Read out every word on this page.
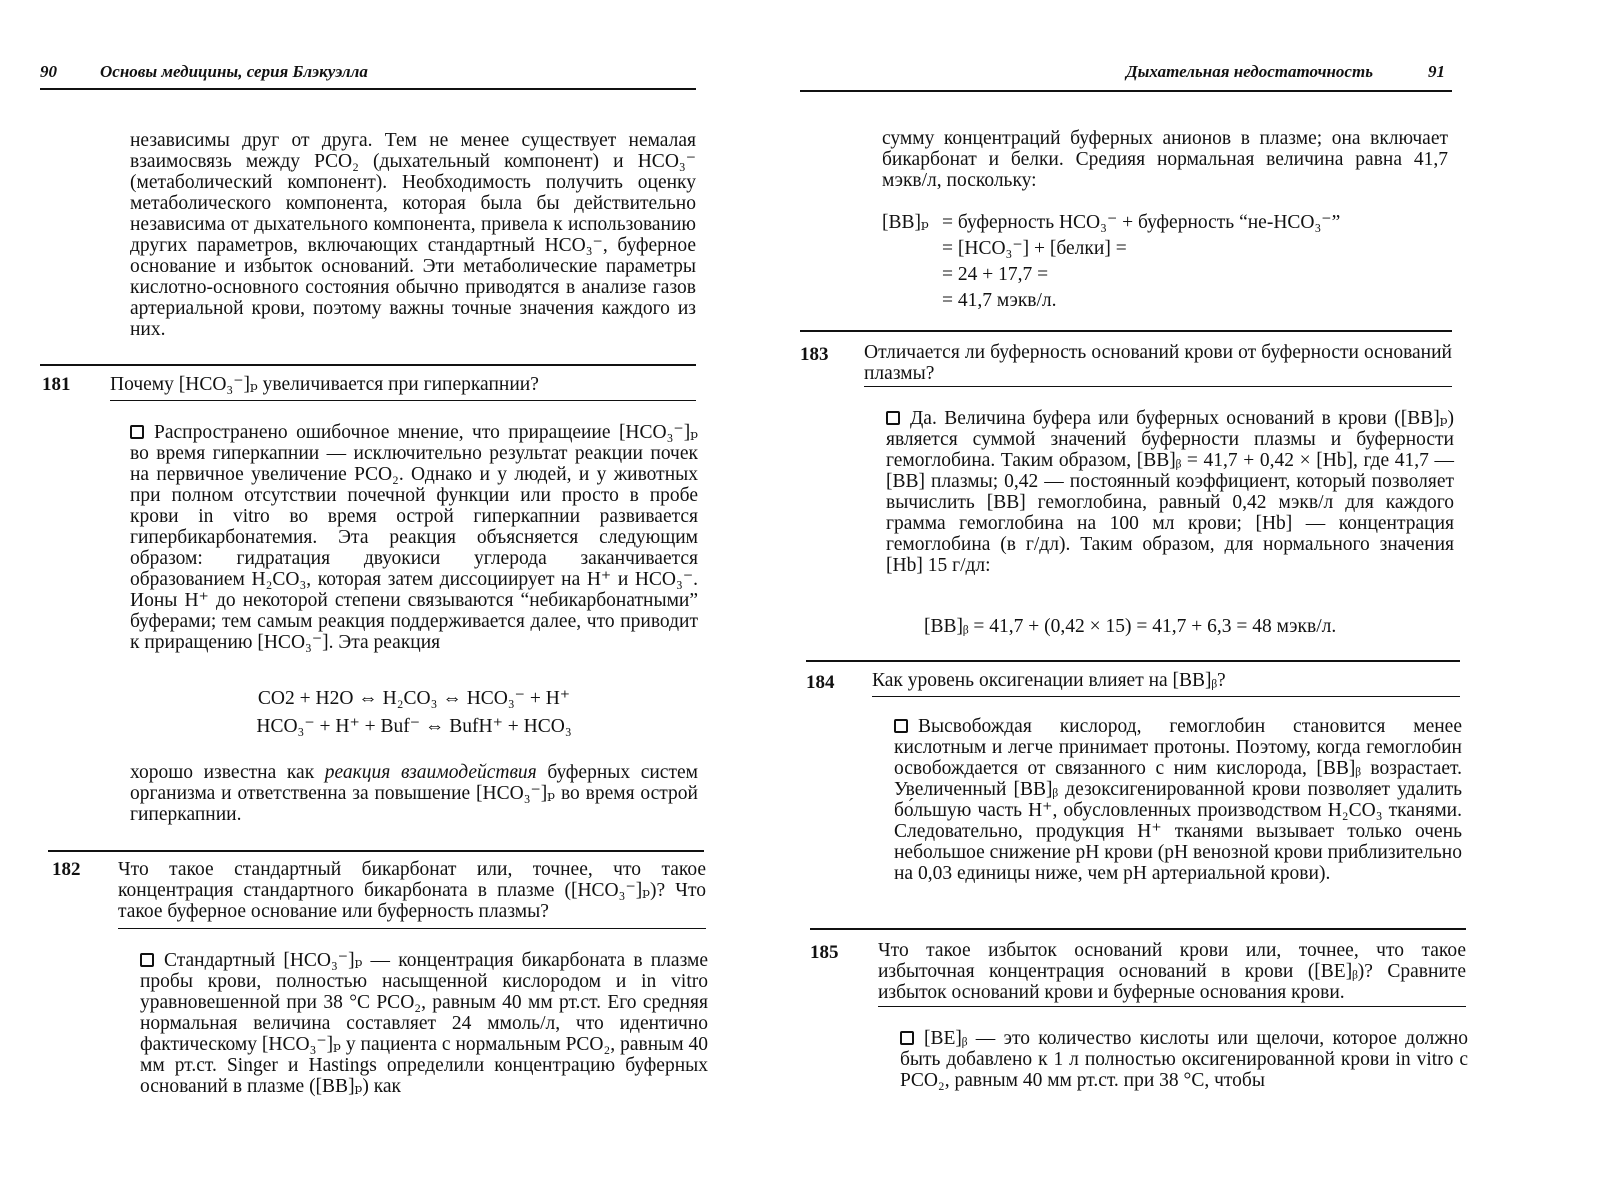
90	Основы медицины, серия Блэкуэлла

независимы друг от друга. Тем не менее существует немалая взаимосвязь между PCO₂ (дыхательный компонент) и HCO₃⁻ (метаболический компонент). Необходимость получить оценку метаболического компонента, которая была бы действительно независима от дыхательного компонента, привела к использованию других параметров, включающих стандартный HCO₃⁻, буферное основание и избыток оснований. Эти метаболические параметры кислотно-основного состояния обычно приводятся в анализе газов артериальной крови, поэтому важны точные значения каждого из них.

181 Почему [HCO₃⁻]ₚ увеличивается при гиперкапнии?

Распространено ошибочное мнение, что приращеиие [HCO₃⁻]ₚ во время гиперкапнии — исключительно результат реакции почек на первичное увеличение PCO₂. Однако и у людей, и у животных при полном отсутствии почечной функции или просто в пробе крови in vitro во время острой гиперкапнии развивается гипербикарбонатемия. Эта реакция объясняется следующим образом: гидратация двуокиси углерода заканчивается образованием H₂CO₃, которая затем диссоциирует на H⁺ и HCO₃⁻. Ионы H⁺ до некоторой степени связываются “небикарбонатными” буферами; тем самым реакция поддерживается далее, что приводит к приращению [HCO₃⁻]. Эта реакция

CO2 + H2O ⇔ H₂CO₃ ⇔ HCO₃⁻ + H⁺

HCO₃⁻ + H⁺ + Buf⁻ ⇔ BufH⁺ + HCO₃

хорошо известна как реакция взаимодействия буферных систем организма и ответственна за повышение [HCO₃⁻]ₚ во время острой гиперкапнии.

182 Что такое стандартный бикарбонат или, точнее, что такое концентрация стандартного бикарбоната в плазме ([HCO₃⁻]ₚ)? Что такое буферное основание или буферность плазмы?

Стандартный [HCO₃⁻]ₚ — концентрация бикарбоната в плазме пробы крови, полностью насыщенной кислородом и in vitro уравновешенной при 38 °C PCO₂, равным 40 мм рт.ст. Его средняя нормальная величина составляет 24 ммоль/л, что идентично фактическому [HCO₃⁻]ₚ у пациента с нормальным PCO₂, равным 40 мм рт.ст. Singer и Hastings определили концентрацию буферных оснований в плазме ([BB]ₚ) как

Дыхательная недостаточность	91

сумму концентраций буферных анионов в плазме; она включает бикарбонат и белки. Средияя нормальная величина равна 41,7 мэкв/л, поскольку:

[BB]ₚ = буферность HCO₃⁻ + буферность “не-HCO₃⁻”
= [HCO₃⁻] + [белки] =
= 24 + 17,7 =
= 41,7 мэкв/л.
183 Отличается ли буферность оснований крови от буферности оснований плазмы?

Да. Величина буфера или буферных оснований в крови ([BB]ₚ) является суммой значений буферности плазмы и буферности гемоглобина. Таким образом, [BB]ᵦ = 41,7 + 0,42 × [Hb], где 41,7 — [BB] плазмы; 0,42 — постоянный коэффициент, который позволяет вычислить [BB] гемоглобина, равный 0,42 мэкв/л для каждого грамма гемоглобина на 100 мл крови; [Hb] — концентрация гемоглобина (в г/дл). Таким образом, для нормального значения [Hb] 15 г/дл:

[BB]ᵦ = 41,7 + (0,42 × 15) = 41,7 + 6,3 = 48 мэкв/л.

184 Как уровень оксигенации влияет на [BB]ᵦ?

Высвобождая кислород, гемоглобин становится менее кислотным и легче принимает протоны. Поэтому, когда гемоглобин освобождается от связанного с ним кислорода, [BB]ᵦ возрастает. Увеличенный [BB]ᵦ дезоксигенированной крови позволяет удалить бо́льшую часть H⁺, обусловленных производством H₂CO₃ тканями. Следовательно, продукция H⁺ тканями вызывает только очень небольшое снижение pH крови (pH венозной крови приблизительно на 0,03 единицы ниже, чем pH артериальной крови).

185 Что такое избыток оснований крови или, точнее, что такое избыточная концентрация оснований в крови ([BE]ᵦ)? Сравните избыток оснований крови и буферные основания крови.

[BE]ᵦ — это количество кислоты или щелочи, которое должно быть добавлено к 1 л полностью оксигенированной крови in vitro с PCO₂, равным 40 мм рт.ст. при 38 °C, чтобы
